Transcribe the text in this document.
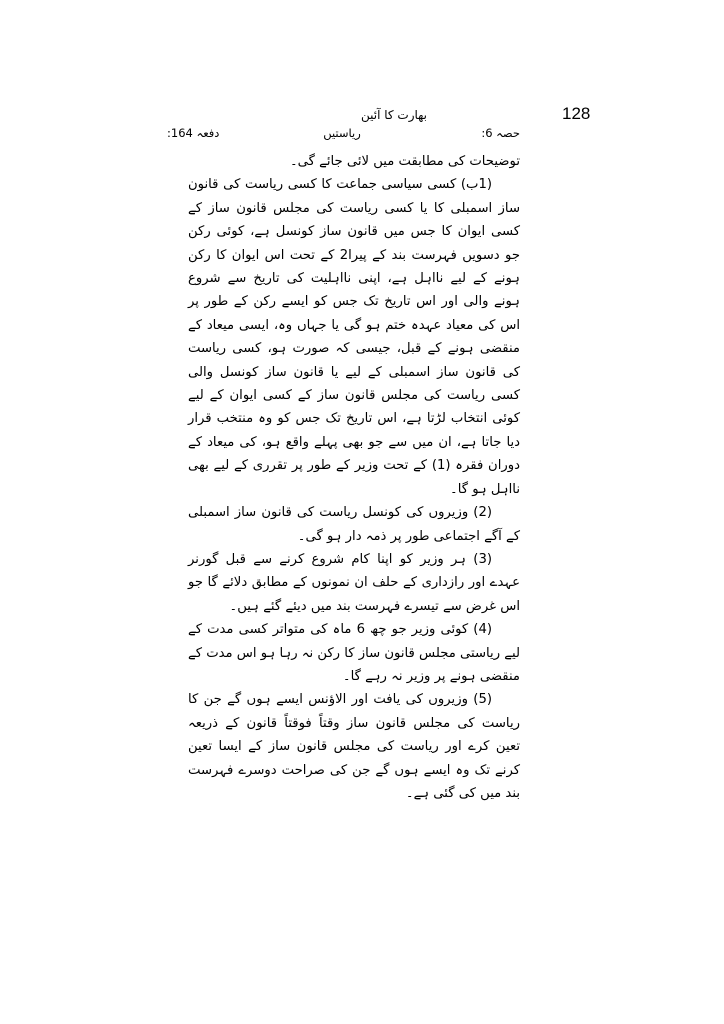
128
بھارت کا آئین
حصہ 6:
ریاستیں
دفعہ 164:

توضیحات کی مطابقت میں لائی جائے گی۔

(1ب) کسی سیاسی جماعت کا کسی ریاست کی قانون ساز اسمبلی کا یا کسی ریاست کی مجلس قانون ساز کے کسی ایوان کا جس میں قانون ساز کونسل ہے، کوئی رکن جو دسویں فہرست بند کے پیرا2 کے تحت اس ایوان کا رکن ہونے کے لیے نااہل ہے، اپنی نااہلیت کی تاریخ سے شروع ہونے والی اور اس تاریخ تک جس کو ایسے رکن کے طور پر اس کی معیاد عہدہ ختم ہو گی یا جہاں وہ، ایسی میعاد کے منقضی ہونے کے قبل، جیسی کہ صورت ہو، کسی ریاست کی قانون ساز اسمبلی کے لیے یا قانون ساز کونسل والی کسی ریاست کی مجلس قانون ساز کے کسی ایوان کے لیے کوئی انتخاب لڑتا ہے، اس تاریخ تک جس کو وہ منتخب قرار دیا جاتا ہے، ان میں سے جو بھی پہلے واقع ہو، کی میعاد کے دوران فقرہ (1) کے تحت وزیر کے طور پر تقرری کے لیے بھی نااہل ہو گا۔

(2) وزیروں کی کونسل ریاست کی قانون ساز اسمبلی کے آگے اجتماعی طور پر ذمہ دار ہو گی۔

(3) ہر وزیر کو اپنا کام شروع کرنے سے قبل گورنر عہدے اور رازداری کے حلف ان نمونوں کے مطابق دلائے گا جو اس غرض سے تیسرے فہرست بند میں دیئے گئے ہیں۔

(4) کوئی وزیر جو چھ 6 ماہ کی متواتر کسی مدت کے لیے ریاستی مجلس قانون ساز کا رکن نہ رہا ہو اس مدت کے منقضی ہونے پر وزیر نہ رہے گا۔

(5) وزیروں کی یافت اور الاؤنس ایسے ہوں گے جن کا ریاست کی مجلس قانون ساز وقتاً فوقتاً قانون کے ذریعہ تعین کرے اور ریاست کی مجلس قانون ساز کے ایسا تعین کرنے تک وہ ایسے ہوں گے جن کی صراحت دوسرے فہرست بند میں کی گئی ہے۔
